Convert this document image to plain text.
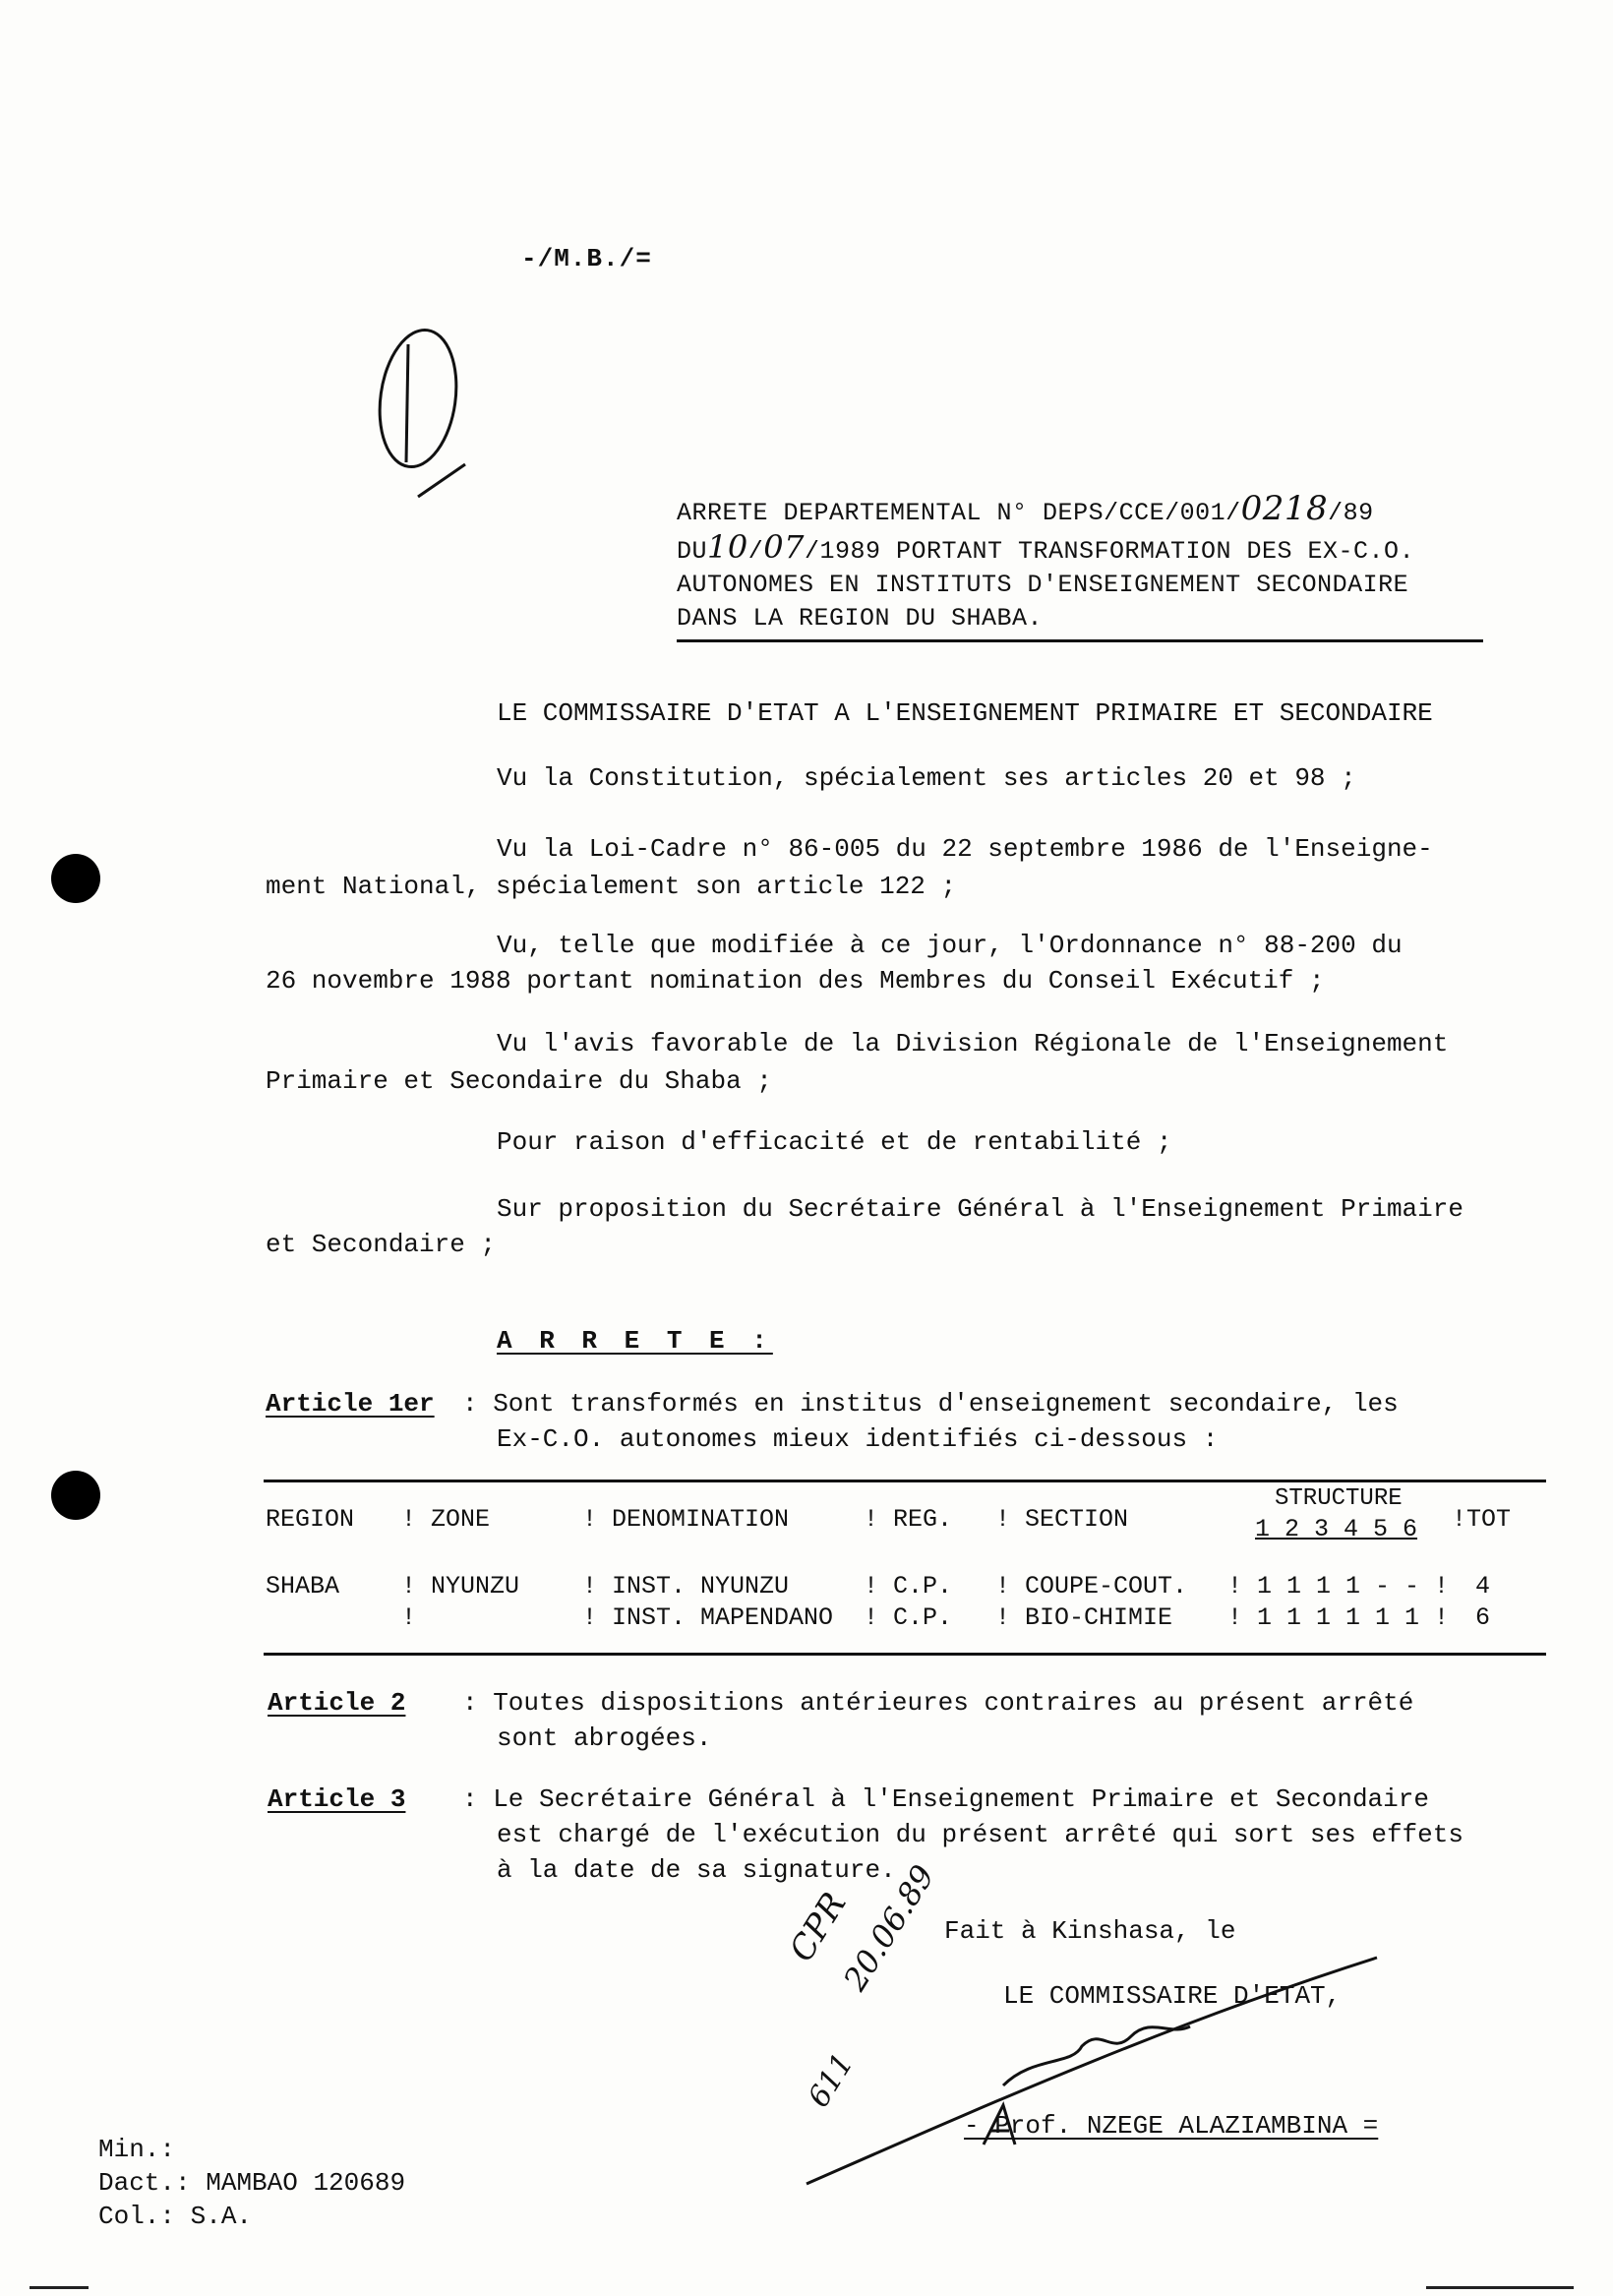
-/M.B./=
ARRETE DEPARTEMENTAL N° DEPS/CCE/001/0218/89
DU10/07/1989 PORTANT TRANSFORMATION DES EX-C.O.
AUTONOMES EN INSTITUTS D'ENSEIGNEMENT SECONDAIRE
DANS LA REGION DU SHABA.
LE COMMISSAIRE D'ETAT A L'ENSEIGNEMENT PRIMAIRE ET SECONDAIRE
Vu la Constitution, spécialement ses articles 20 et 98 ;
Vu la Loi-Cadre n° 86-005 du 22 septembre 1986 de l'Enseigne-
ment National, spécialement son article 122 ;
Vu, telle que modifiée à ce jour, l'Ordonnance n° 88-200 du
26 novembre 1988 portant nomination des Membres du Conseil Exécutif ;
Vu l'avis favorable de la Division Régionale de l'Enseignement
Primaire et Secondaire du Shaba ;
Pour raison d'efficacité et de rentabilité ;
Sur proposition du Secrétaire Général à l'Enseignement Primaire
et Secondaire ;
A R R E T E :
Article 1er : Sont transformés en institus d'enseignement secondaire, les
Ex-C.O. autonomes mieux identifiés ci-dessous :
REGION ! ZONE	! DENOMINATION	! REG. ! SECTION
STRUCTURE
1 2 3 4 5 6 !TOT
SHABA	! NYUNZU	! INST. NYUNZU	! C.P. ! COUPE-COUT. ! 1 1 1 1 - - ! 4
!	! INST. MAPENDANO ! C.P. ! BIO-CHIMIE ! 1 1 1 1 1 1 ! 6
Article 2 : Toutes dispositions antérieures contraires au présent arrêté
sont abrogées.
Article 3 : Le Secrétaire Général à l'Enseignement Primaire et Secondaire
est chargé de l'exécution du présent arrêté qui sort ses effets
à la date de sa signature.
Fait à Kinshasa, le
LE COMMISSAIRE D'ETAT,
CPR
20.06.89
611
- Prof. NZEGE ALAZIAMBINA =
Min.:
Dact.: MAMBAO 120689
Col.: S.A.
